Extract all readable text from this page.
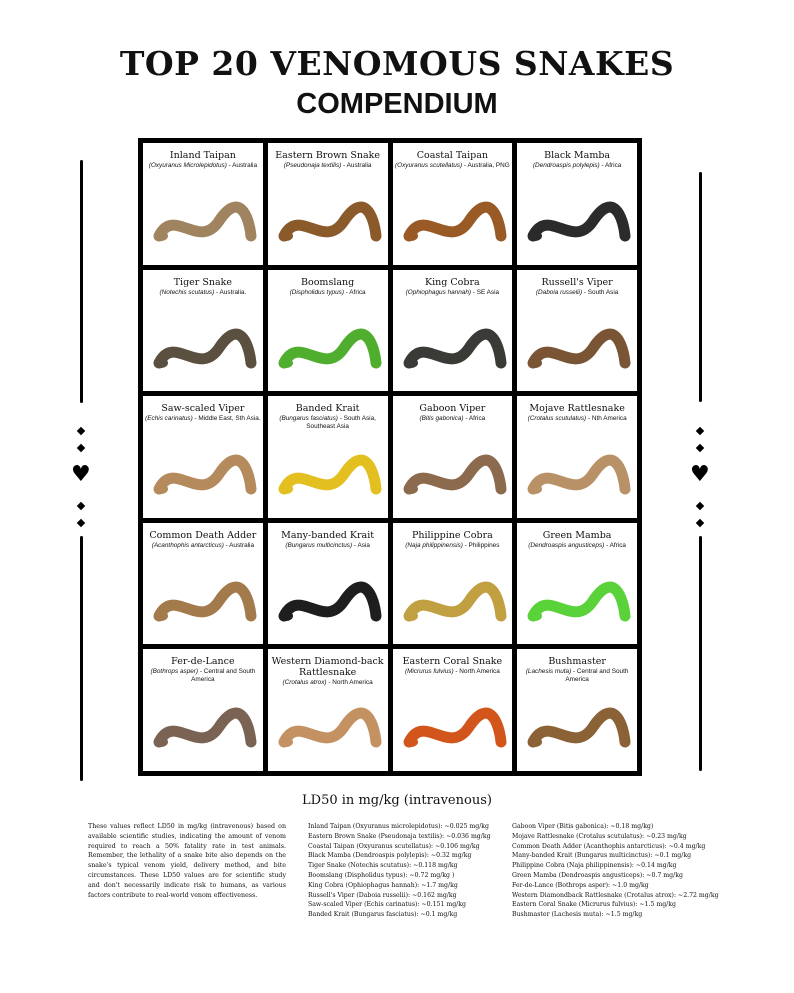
TOP 20 VENOMOUS SNAKES
COMPENDIUM
♥	♥
Inland Taipan
(Oxyuranus Microlepidotus) - Australia
Eastern Brown Snake
(Pseudonaja textilis) - Australia
Coastal Taipan
(Oxyuranus scutellatus) - Australia, PNG
Black Mamba
(Dendroaspis polylepis) - Africa
Tiger Snake
(Notechis scutatus) - Australia.
Boomslang
(Dispholidus typus) - Africa
King Cobra
(Ophiophagus hannah) - SE Asia
Russell's Viper
(Daboia russelii) - South Asia
Saw-scaled Viper
(Echis carinatus) - Middle East, Sth Asia.
Banded Krait
(Bungarus fasciatus) - South Asia, Southeast Asia
Gaboon Viper
(Bitis gabonica) - Africa
Mojave Rattlesnake
(Crotalus scutulatus) - Nth America
Common Death Adder
(Acanthophis antarcticus) - Australia
Many-banded Krait
(Bungarus multicinctus) - Asia
Philippine Cobra
(Naja philippinensis) - Philippines
Green Mamba
(Dendroaspis angusticeps) - Africa
Fer-de-Lance
(Bothrops asper) - Central and South America
Western Diamond-back Rattlesnake
(Crotalus atrox) - North America
Eastern Coral Snake
(Micrurus fulvius) - North America
Bushmaster
(Lachesis muta) - Central and South America
LD50 in mg/kg (intravenous)

These values reflect LD50 in mg/kg (intravenous) based on available scientific studies, indicating the amount of venom required to reach a 50% fatality rate in test animals. Remember, the lethality of a snake bite also depends on the snake's typical venom yield, delivery method, and bite circumstances. These LD50 values are for scientific study and don't necessarily indicate risk to humans, as various factors contribute to real-world venom effectiveness.

Inland Taipan (Oxyuranus microlepidotus): ~0.025 mg/kg
Eastern Brown Snake (Pseudonaja textilis): ~0.036 mg/kg
Coastal Taipan (Oxyuranus scutellatus): ~0.106 mg/kg
Black Mamba (Dendroaspis polylepis): ~0.32 mg/kg
Tiger Snake (Notechis scutatus): ~0.118 mg/kg
Boomslang (Dispholidus typus): ~0.72 mg/kg )
King Cobra (Ophiophagus hannah): ~1.7 mg/kg
Russell's Viper (Daboia russelii): ~0.162 mg/kg
Saw-scaled Viper (Echis carinatus): ~0.151 mg/kg
Banded Krait (Bungarus fasciatus): ~0.1 mg/kg
Gaboon Viper (Bitis gabonica): ~0.18 mg/kg)
Mojave Rattlesnake (Crotalus scutulatus): ~0.23 mg/kg
Common Death Adder (Acanthophis antarcticus): ~0.4 mg/kg
Many-banded Krait (Bungarus multicinctus): ~0.1 mg/kg
Philippine Cobra (Naja philippinensis): ~0.14 mg/kg
Green Mamba (Dendroaspis angusticeps): ~0.7 mg/kg
Fer-de-Lance (Bothrops asper): ~1.0 mg/kg
Western Diamondback Rattlesnake (Crotalus atrox): ~2.72 mg/kg
Eastern Coral Snake (Micrurus fulvius): ~1.5 mg/kg
Bushmaster (Lachesis muta): ~1.5 mg/kg
